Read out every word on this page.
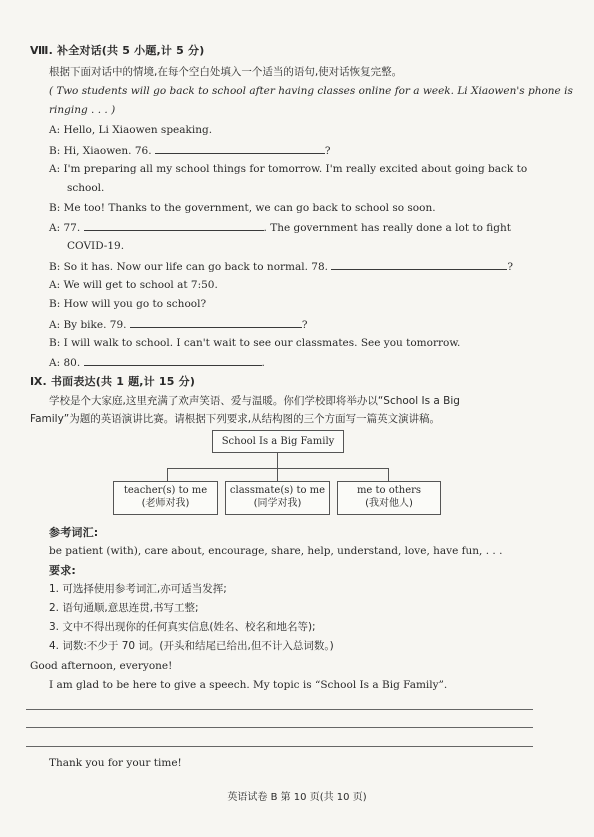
Ⅷ. 补全对话(共 5 小题,计 5 分)
根据下面对话中的情境,在每个空白处填入一个适当的语句,使对话恢复完整。
( Two students will go back to school after having classes online for a week. Li Xiaowen's phone is
ringing . . . )
A: Hello, Li Xiaowen speaking.
B: Hi, Xiaowen. 76.	?
A: I'm preparing all my school things for tomorrow. I'm really excited about going back to
school.
B: Me too! Thanks to the government, we can go back to school so soon.
A: 77.	. The government has really done a lot to fight
COVID-19.
B: So it has. Now our life can go back to normal. 78.	?
A: We will get to school at 7:50.
B: How will you go to school?
A: By bike. 79.	?
B: I will walk to school. I can't wait to see our classmates. See you tomorrow.
A: 80.	.
Ⅸ. 书面表达(共 1 题,计 15 分)
学校是个大家庭,这里充满了欢声笑语、爱与温暖。你们学校即将举办以“School Is a Big
Family”为题的英语演讲比赛。请根据下列要求,从结构图的三个方面写一篇英文演讲稿。
School Is a Big Family
teacher(s) to me
(老师对我)
classmate(s) to me
(同学对我)
me to others
(我对他人)
参考词汇:
be patient (with), care about, encourage, share, help, understand, love, have fun, . . .
要求:
1. 可选择使用参考词汇,亦可适当发挥;
2. 语句通顺,意思连贯,书写工整;
3. 文中不得出现你的任何真实信息(姓名、校名和地名等);
4. 词数:不少于 70 词。(开头和结尾已给出,但不计入总词数。)
Good afternoon, everyone!
I am glad to be here to give a speech. My topic is “School Is a Big Family”.
Thank you for your time!
英语试卷 B 第 10 页(共 10 页)
